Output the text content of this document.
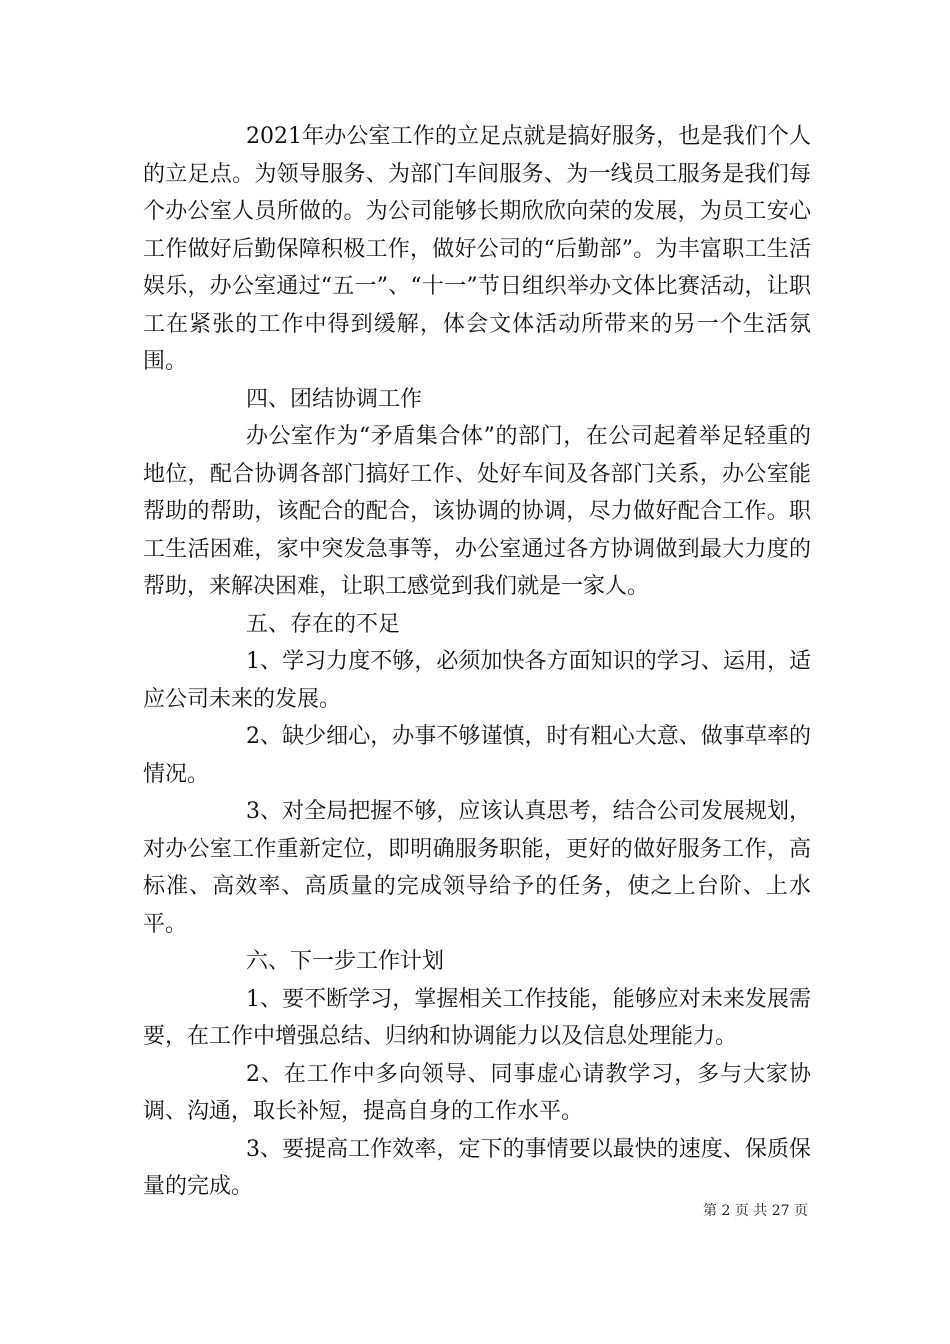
2021年办公室工作的立足点就是搞好服务，也是我们个人的立足点。为领导服务、为部门车间服务、为一线员工服务是我们每个办公室人员所做的。为公司能够长期欣欣向荣的发展，为员工安心工作做好后勤保障积极工作，做好公司的“后勤部”。为丰富职工生活娱乐，办公室通过“五一”、“十一”节日组织举办文体比赛活动，让职工在紧张的工作中得到缓解，体会文体活动所带来的另一个生活氛围。

四、团结协调工作

办公室作为“矛盾集合体”的部门，在公司起着举足轻重的地位，配合协调各部门搞好工作、处好车间及各部门关系，办公室能帮助的帮助，该配合的配合，该协调的协调，尽力做好配合工作。职工生活困难，家中突发急事等，办公室通过各方协调做到最大力度的帮助，来解决困难，让职工感觉到我们就是一家人。

五、存在的不足

1、学习力度不够，必须加快各方面知识的学习、运用，适应公司未来的发展。

2、缺少细心，办事不够谨慎，时有粗心大意、做事草率的情况。

3、对全局把握不够，应该认真思考，结合公司发展规划，对办公室工作重新定位，即明确服务职能，更好的做好服务工作，高标准、高效率、高质量的完成领导给予的任务，使之上台阶、上水平。

六、下一步工作计划

1、要不断学习，掌握相关工作技能，能够应对未来发展需要，在工作中增强总结、归纳和协调能力以及信息处理能力。

2、在工作中多向领导、同事虚心请教学习，多与大家协调、沟通，取长补短，提高自身的工作水平。

3、要提高工作效率，定下的事情要以最快的速度、保质保量的完成。

第 2 页 共 27 页
